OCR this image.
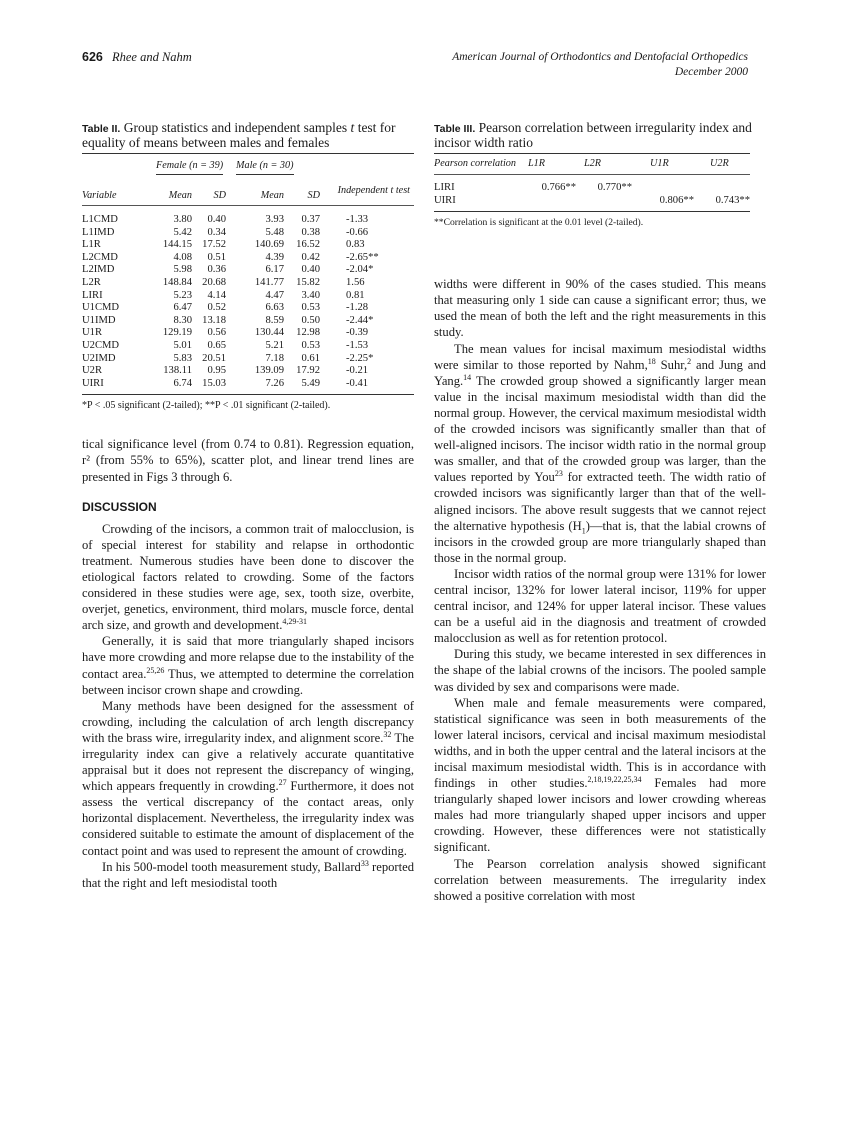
626 Rhee and Nahm	American Journal of Orthodontics and Dentofacial Orthopedics
December 2000

Table II. Group statistics and independent samples t test for equality of means between males and females

	Female (n = 39)		Male (n = 30)		
Variable	Mean	SD	Mean	SD	Independent t test
L1CMD	3.80	0.40	3.93	0.37	-1.33
L1IMD	5.42	0.34	5.48	0.38	-0.66
L1R	144.15	17.52	140.69	16.52	0.83
L2CMD	4.08	0.51	4.39	0.42	-2.65**
L2IMD	5.98	0.36	6.17	0.40	-2.04*
L2R	148.84	20.68	141.77	15.82	1.56
LIRI	5.23	4.14	4.47	3.40	0.81
U1CMD	6.47	0.52	6.63	0.53	-1.28
U1IMD	8.30	13.18	8.59	0.50	-2.44*
U1R	129.19	0.56	130.44	12.98	-0.39
U2CMD	5.01	0.65	5.21	0.53	-1.53
U2IMD	5.83	20.51	7.18	0.61	-2.25*
U2R	138.11	0.95	139.09	17.92	-0.21
UIRI	6.74	15.03	7.26	5.49	-0.41
*P < .05 significant (2-tailed); **P < .01 significant (2-tailed).

tical significance level (from 0.74 to 0.81). Regression equation, r² (from 55% to 65%), scatter plot, and linear trend lines are presented in Figs 3 through 6.

DISCUSSION

Crowding of the incisors, a common trait of malocclusion, is of special interest for stability and relapse in orthodontic treatment. Numerous studies have been done to discover the etiological factors related to crowding. Some of the factors considered in these studies were age, sex, tooth size, overbite, overjet, genetics, environment, third molars, muscle force, dental arch size, and growth and development.$^{4,29-31}$

Generally, it is said that more triangularly shaped incisors have more crowding and more relapse due to the instability of the contact area.$^{25,26}$ Thus, we attempted to determine the correlation between incisor crown shape and crowding.

Many methods have been designed for the assessment of crowding, including the calculation of arch length discrepancy with the brass wire, irregularity index, and alignment score.$^{32}$ The irregularity index can give a relatively accurate quantitative appraisal but it does not represent the discrepancy of winging, which appears frequently in crowding.$^{27}$ Furthermore, it does not assess the vertical discrepancy of the contact areas, only horizontal displacement. Nevertheless, the irregularity index was considered suitable to estimate the amount of displacement of the contact point and was used to represent the amount of crowding.

In his 500-model tooth measurement study, Ballard$^{33}$ reported that the right and left mesiodistal tooth

Table III. Pearson correlation between irregularity index and incisor width ratio

Pearson correlation	L1R	L2R	U1R	U2R
LIRI	0.766**	0.770**		
UIRI			0.806**	0.743**
**Correlation is significant at the 0.01 level (2-tailed).

widths were different in 90% of the cases studied. This means that measuring only 1 side can cause a significant error; thus, we used the mean of both the left and the right measurements in this study.

The mean values for incisal maximum mesiodistal widths were similar to those reported by Nahm,$^{18}$ Suhr,$^2$ and Jung and Yang.$^{14}$ The crowded group showed a significantly larger mean value in the incisal maximum mesiodistal width than did the normal group. However, the cervical maximum mesiodistal width of the crowded incisors was significantly smaller than that of well-aligned incisors. The incisor width ratio in the normal group was smaller, and that of the crowded group was larger, than the values reported by You$^{23}$ for extracted teeth. The width ratio of crowded incisors was significantly larger than that of the well-aligned incisors. The above result suggests that we cannot reject the alternative hypothesis $(H_1)—that$ is, that the labial crowns of incisors in the crowded group are more triangularly shaped than those in the normal group.

Incisor width ratios of the normal group were 131% for lower central incisor, 132% for lower lateral incisor, 119% for upper central incisor, and 124% for upper lateral incisor. These values can be a useful aid in the diagnosis and treatment of crowded malocclusion as well as for retention protocol.

During this study, we became interested in sex differences in the shape of the labial crowns of the incisors. The pooled sample was divided by sex and comparisons were made.

When male and female measurements were compared, statistical significance was seen in both measurements of the lower lateral incisors, cervical and incisal maximum mesiodistal widths, and in both the upper central and the lateral incisors at the incisal maximum mesiodistal width. This is in accordance with findings in other studies.$^{2,18,19,22,25,34}$ Females had more triangularly shaped lower incisors and lower crowding whereas males had more triangularly shaped upper incisors and upper crowding. However, these differences were not statistically significant.

The Pearson correlation analysis showed significant correlation between measurements. The irregularity index showed a positive correlation with most
